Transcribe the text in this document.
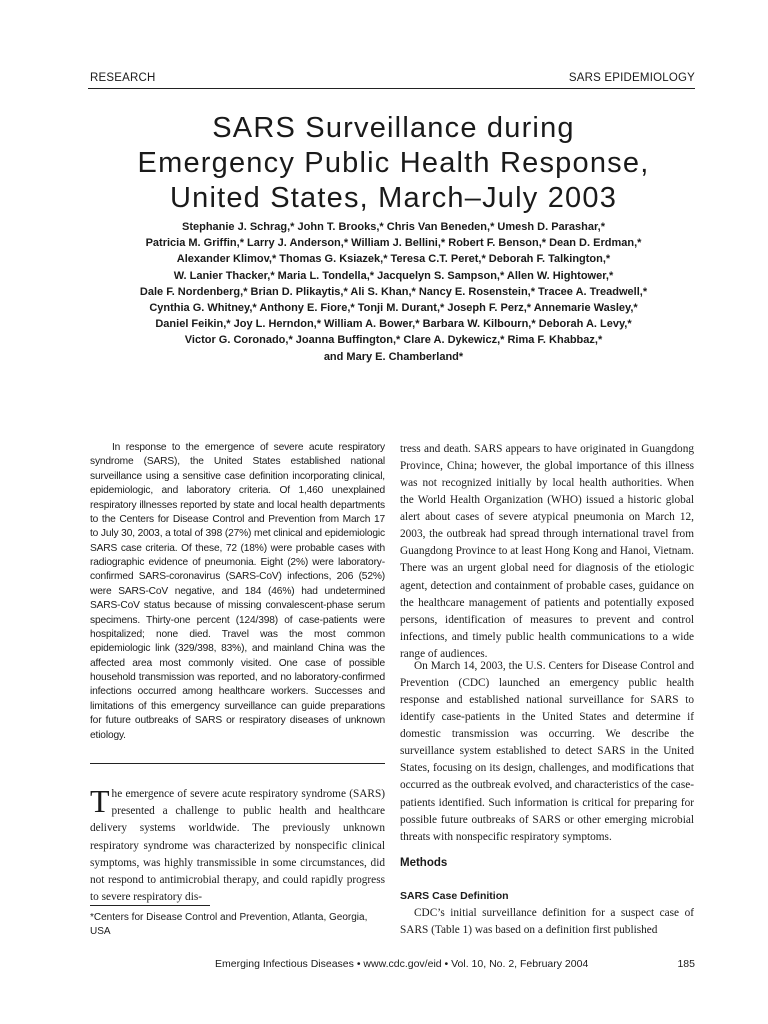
RESEARCH	SARS EPIDEMIOLOGY
SARS Surveillance during
Emergency Public Health Response,
United States, March–July 2003
Stephanie J. Schrag,* John T. Brooks,* Chris Van Beneden,* Umesh D. Parashar,*
Patricia M. Griffin,* Larry J. Anderson,* William J. Bellini,* Robert F. Benson,* Dean D. Erdman,*
Alexander Klimov,* Thomas G. Ksiazek,* Teresa C.T. Peret,* Deborah F. Talkington,*
W. Lanier Thacker,* Maria L. Tondella,* Jacquelyn S. Sampson,* Allen W. Hightower,*
Dale F. Nordenberg,* Brian D. Plikaytis,* Ali S. Khan,* Nancy E. Rosenstein,* Tracee A. Treadwell,*
Cynthia G. Whitney,* Anthony E. Fiore,* Tonji M. Durant,* Joseph F. Perz,* Annemarie Wasley,*
Daniel Feikin,* Joy L. Herndon,* William A. Bower,* Barbara W. Kilbourn,* Deborah A. Levy,*
Victor G. Coronado,* Joanna Buffington,* Clare A. Dykewicz,* Rima F. Khabbaz,*
and Mary E. Chamberland*

In response to the emergence of severe acute respiratory syndrome (SARS), the United States established national surveillance using a sensitive case definition incorporating clinical, epidemiologic, and laboratory criteria. Of 1,460 unexplained respiratory illnesses reported by state and local health departments to the Centers for Disease Control and Prevention from March 17 to July 30, 2003, a total of 398 (27%) met clinical and epidemiologic SARS case criteria. Of these, 72 (18%) were probable cases with radiographic evidence of pneumonia. Eight (2%) were laboratory-confirmed SARS-coronavirus (SARS-CoV) infections, 206 (52%) were SARS-CoV negative, and 184 (46%) had undetermined SARS-CoV status because of missing convalescent-phase serum specimens. Thirty-one percent (124/398) of case-patients were hospitalized; none died. Travel was the most common epidemiologic link (329/398, 83%), and mainland China was the affected area most commonly visited. One case of possible household transmission was reported, and no laboratory-confirmed infections occurred among healthcare workers. Successes and limitations of this emergency surveillance can guide preparations for future outbreaks of SARS or respiratory diseases of unknown etiology.

The emergence of severe acute respiratory syndrome (SARS) presented a challenge to public health and healthcare delivery systems worldwide. The previously unknown respiratory syndrome was characterized by nonspecific clinical symptoms, was highly transmissible in some circumstances, did not respond to antimicrobial therapy, and could rapidly progress to severe respiratory dis-

*Centers for Disease Control and Prevention, Atlanta, Georgia, USA

tress and death. SARS appears to have originated in Guangdong Province, China; however, the global importance of this illness was not recognized initially by local health authorities. When the World Health Organization (WHO) issued a historic global alert about cases of severe atypical pneumonia on March 12, 2003, the outbreak had spread through international travel from Guangdong Province to at least Hong Kong and Hanoi, Vietnam. There was an urgent global need for diagnosis of the etiologic agent, detection and containment of probable cases, guidance on the healthcare management of patients and potentially exposed persons, identification of measures to prevent and control infections, and timely public health communications to a wide range of audiences.

On March 14, 2003, the U.S. Centers for Disease Control and Prevention (CDC) launched an emergency public health response and established national surveillance for SARS to identify case-patients in the United States and determine if domestic transmission was occurring. We describe the surveillance system established to detect SARS in the United States, focusing on its design, challenges, and modifications that occurred as the outbreak evolved, and characteristics of the case-patients identified. Such information is critical for preparing for possible future outbreaks of SARS or other emerging microbial threats with nonspecific respiratory symptoms.

Methods
SARS Case Definition

CDC’s initial surveillance definition for a suspect case of SARS (Table 1) was based on a definition first published

Emerging Infectious Diseases • www.cdc.gov/eid • Vol. 10, No. 2, February 2004	185
